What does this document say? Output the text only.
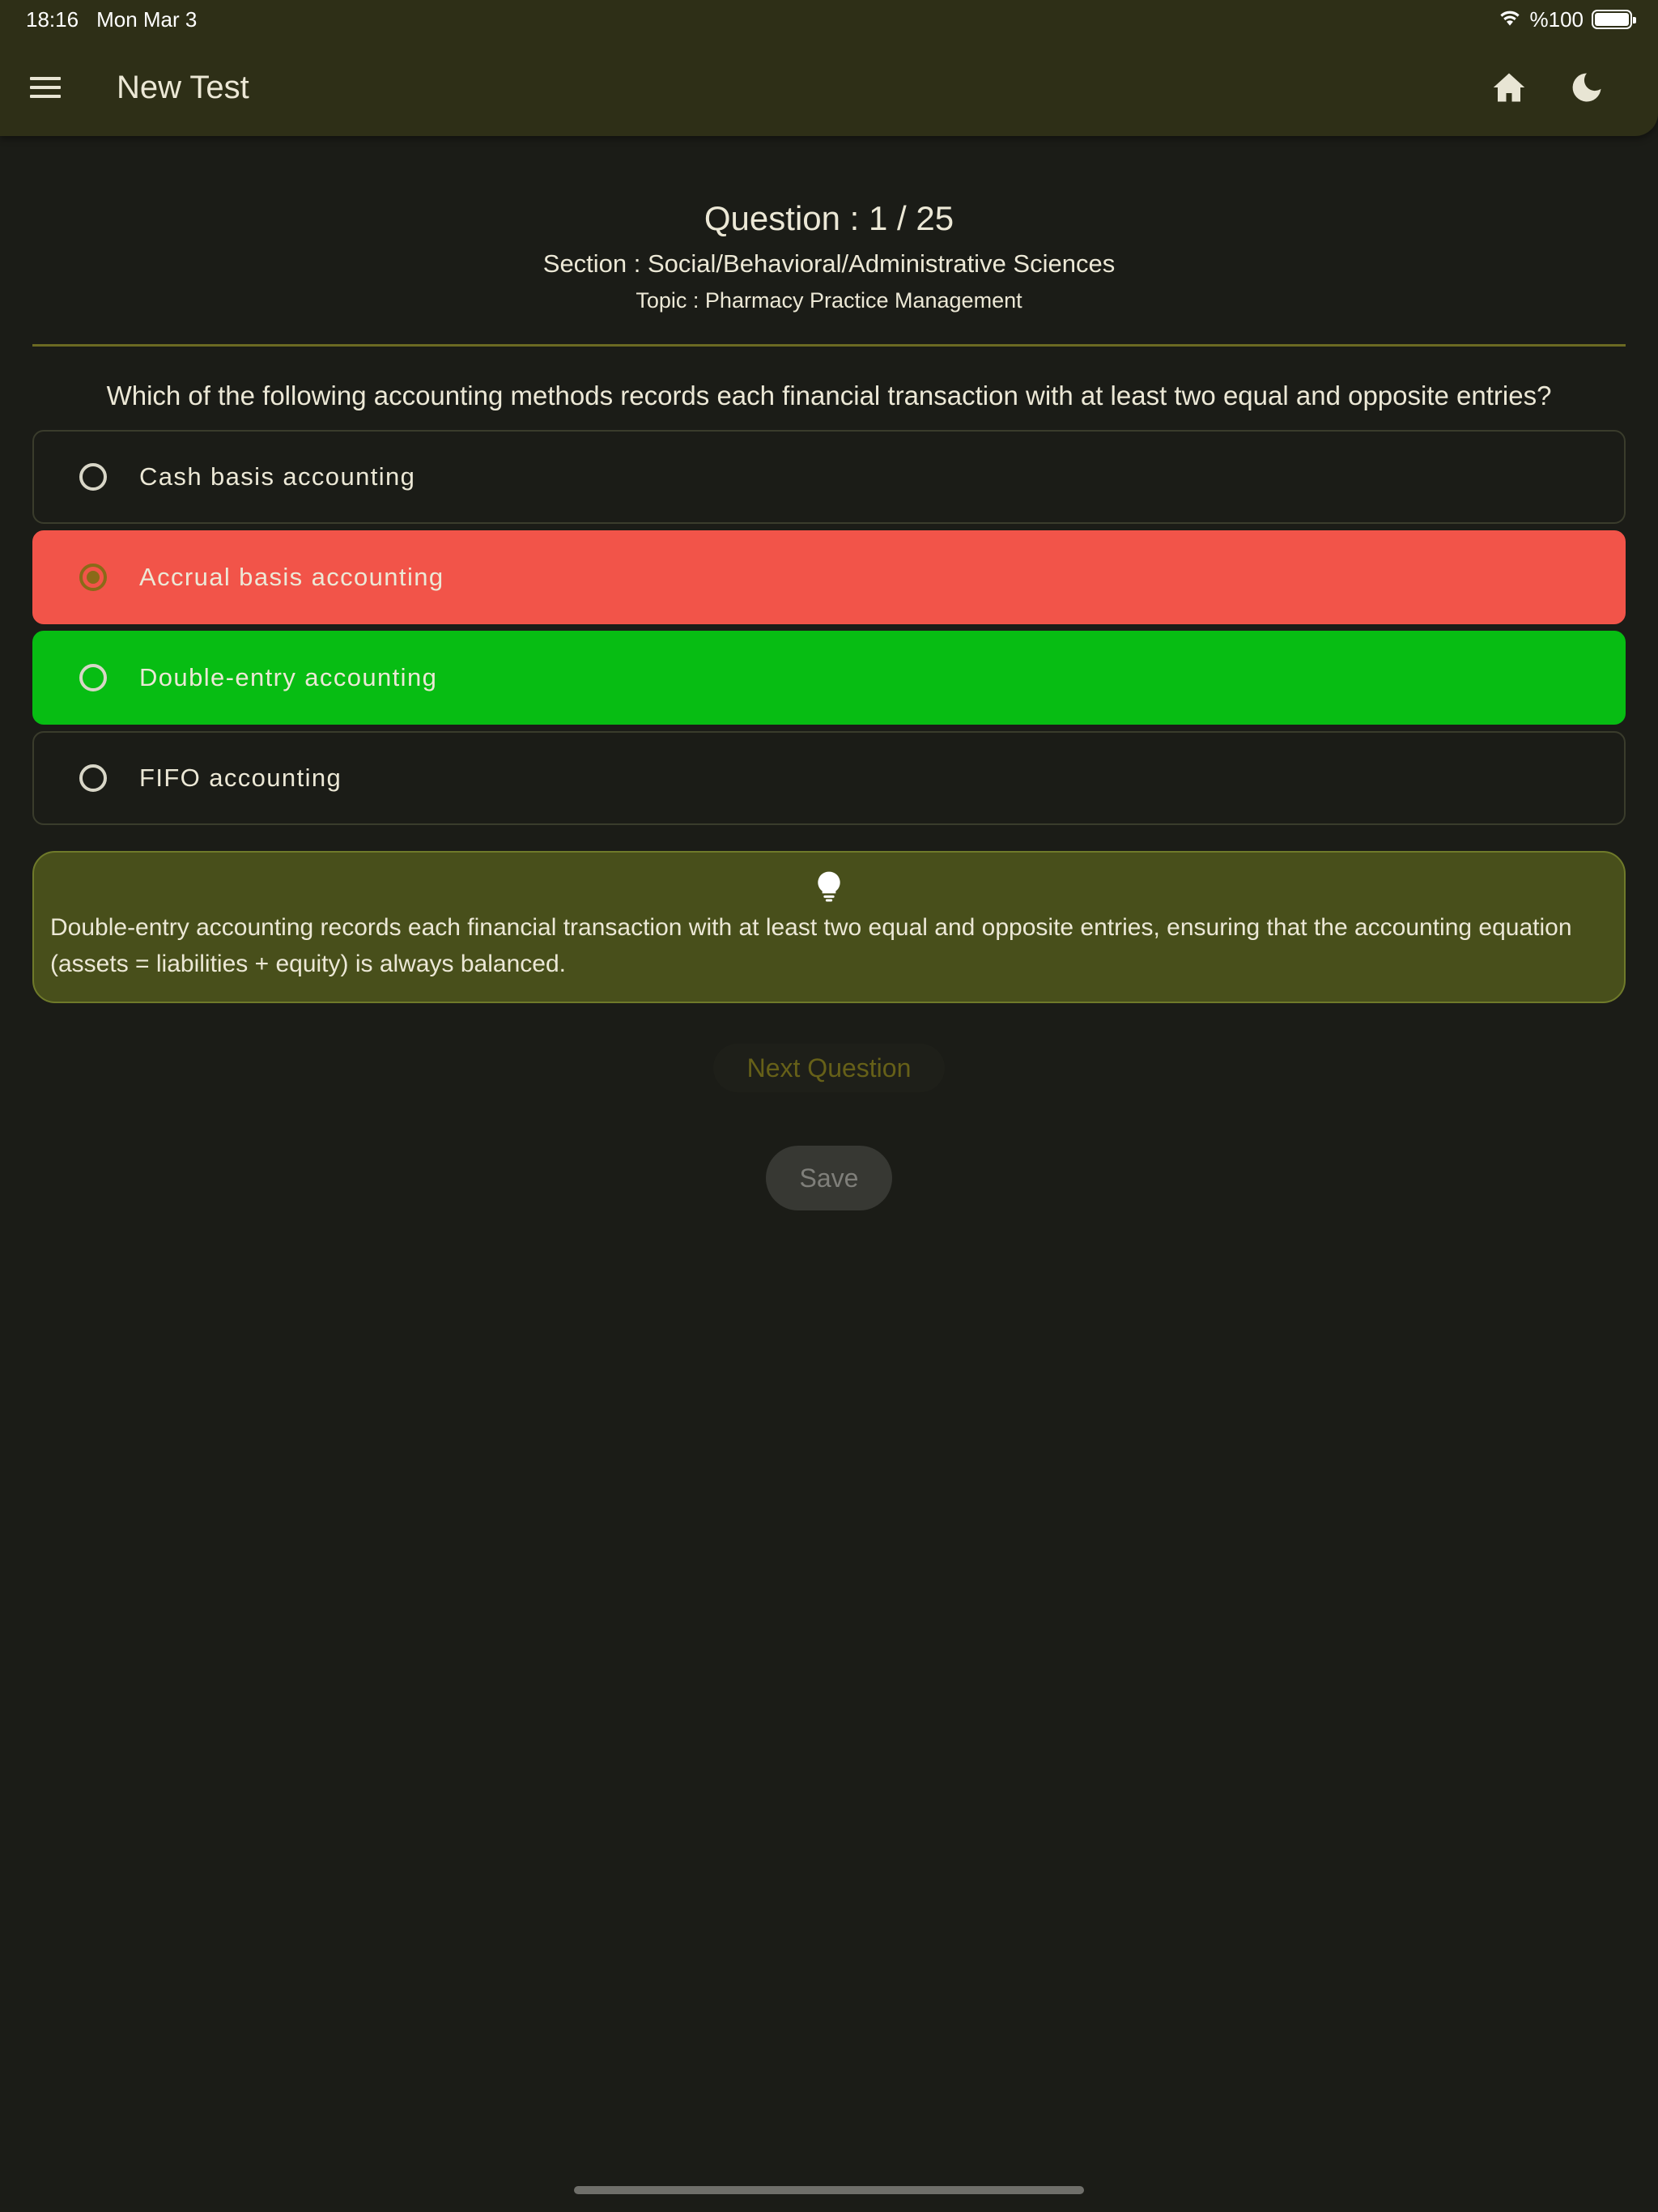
18:16 Mon Mar 3	%100
New Test
Question : 1 / 25
Section : Social/Behavioral/Administrative Sciences
Topic : Pharmacy Practice Management
Which of the following accounting methods records each financial transaction with at least two equal and opposite entries?
Cash basis accounting
Accrual basis accounting
Double-entry accounting
FIFO accounting
Double-entry accounting records each financial transaction with at least two equal and opposite entries, ensuring that the accounting equation (assets = liabilities + equity) is always balanced.
Next Question
Save
